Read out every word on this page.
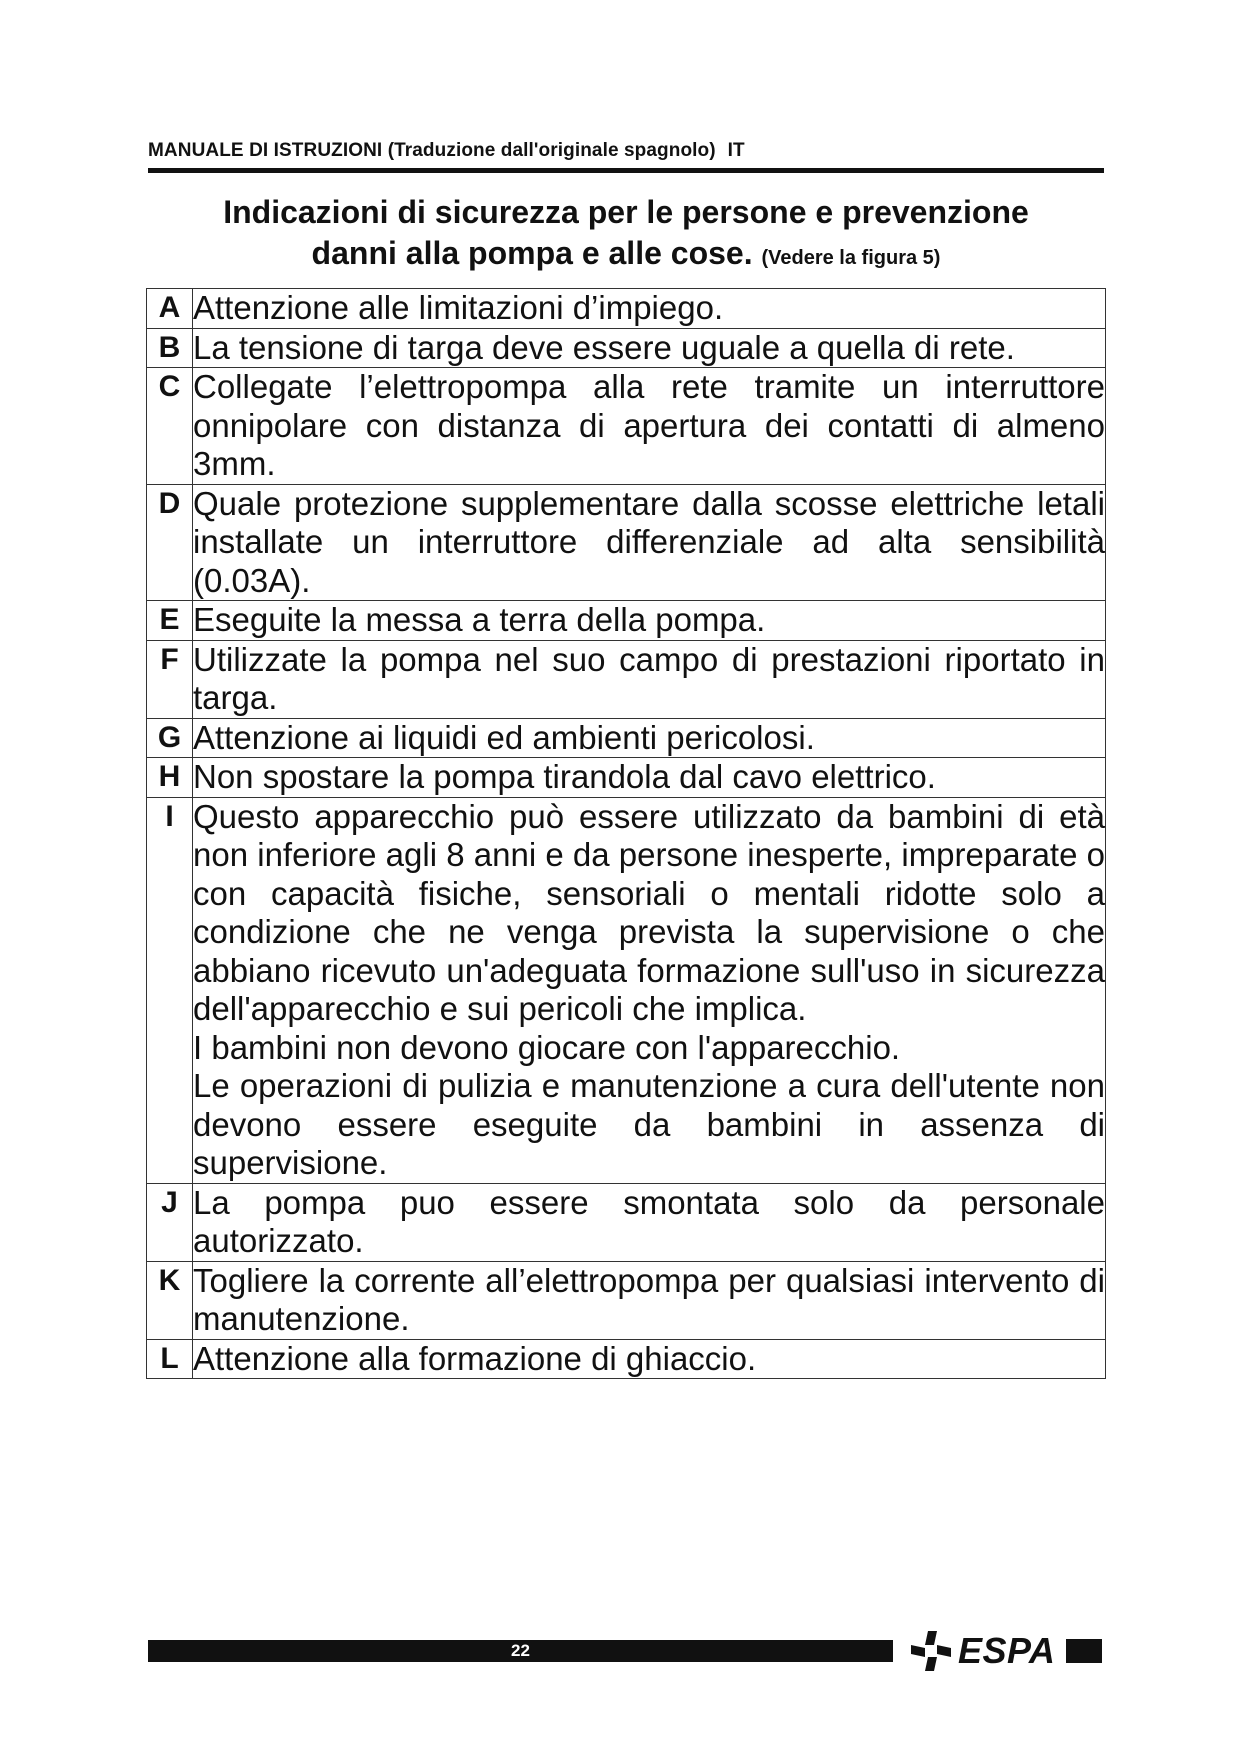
MANUALE DI ISTRUZIONI (Traduzione dall'originale spagnolo) IT
Indicazioni di sicurezza per le persone e prevenzione
danni alla pompa e alle cose. (Vedere la figura 5)
A	Attenzione alle limitazioni d’impiego.

B	La tensione di targa deve essere uguale a quella di rete.

C	Collegate l’elettropompa alla rete tramite un interruttore onnipolare con distanza di apertura dei contatti di almeno 3mm.

D	Quale protezione supplementare dalla scosse elettriche letali installate un interruttore differenziale ad alta sensibilità (0.03A).

E	Eseguite la messa a terra della pompa.

F	Utilizzate la pompa nel suo campo di prestazioni riportato in targa.

G	Attenzione ai liquidi ed ambienti pericolosi.

H	Non spostare la pompa tirandola dal cavo elettrico.

I	Questo apparecchio può essere utilizzato da bambini di età non inferiore agli 8 anni e da persone inesperte, impreparate o con capacità fisiche, sensoriali o mentali ridotte solo a condizione che ne venga prevista la supervisione o che abbiano ricevuto un'adeguata formazione sull'uso in sicurezza dell'apparecchio e sui pericoli che implica.
I bambini non devono giocare con l'apparecchio.
Le operazioni di pulizia e manutenzione a cura dell'utente non devono essere eseguite da bambini in assenza di supervisione.

J	La pompa puo essere smontata solo da personale autorizzato.

K	Togliere la corrente all’elettropompa per qualsiasi intervento di manutenzione.

L	Attenzione alla formazione di ghiaccio.
22	ESPA
